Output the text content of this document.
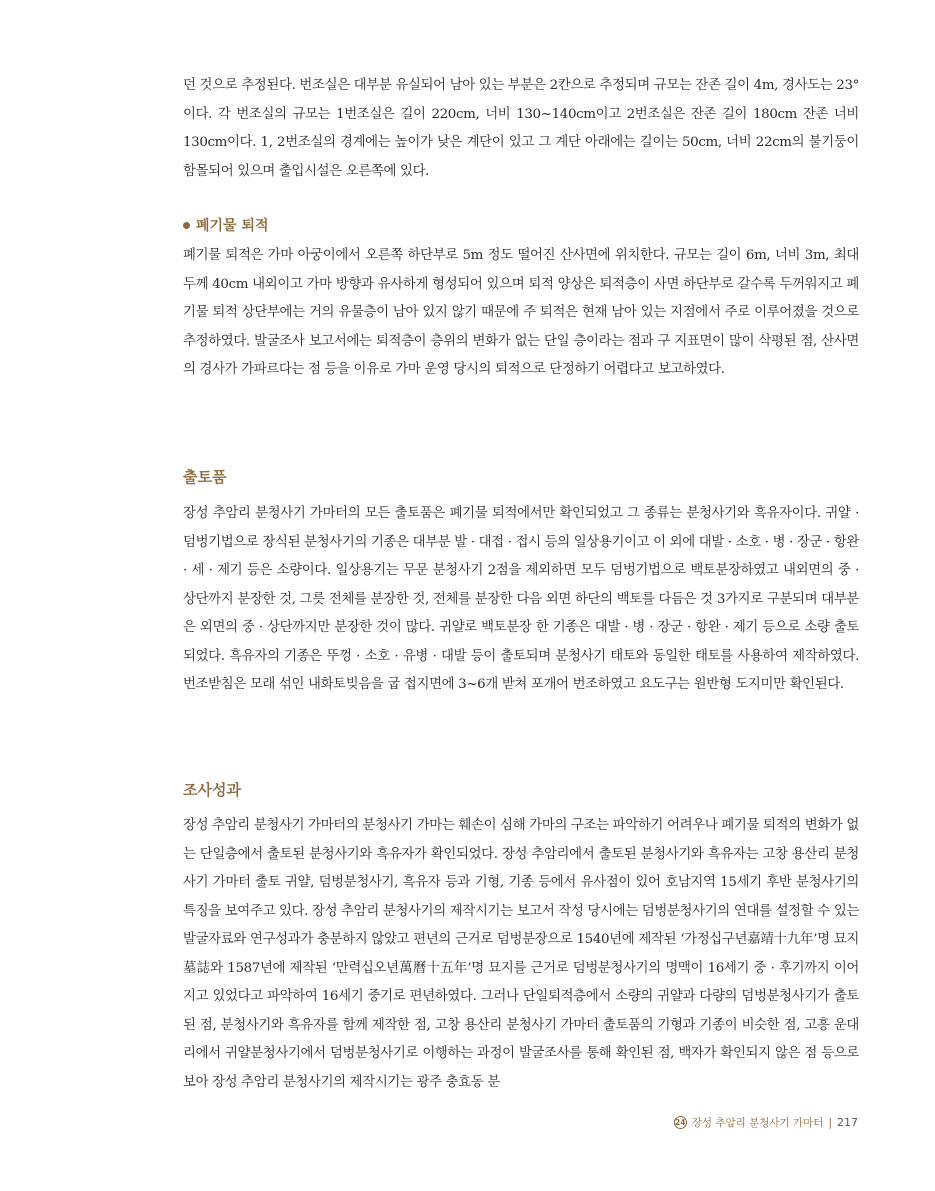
던 것으로 추정된다. 번조실은 대부분 유실되어 남아 있는 부분은 2칸으로 추정되며 규모는 잔존 길이 4m, 경사도는 23°이다. 각 번조실의 규모는 1번조실은 길이 220cm, 너비 130~140cm이고 2번조실은 잔존 길이 180cm 잔존 너비 130cm이다. 1, 2번조실의 경계에는 높이가 낮은 계단이 있고 그 계단 아래에는 길이는 50cm, 너비 22cm의 불기둥이 함몰되어 있으며 출입시설은 오른쪽에 있다.

폐기물 퇴적

폐기물 퇴적은 가마 아궁이에서 오른쪽 하단부로 5m 정도 떨어진 산사면에 위치한다. 규모는 길이 6m, 너비 3m, 최대두께 40cm 내외이고 가마 방향과 유사하게 형성되어 있으며 퇴적 양상은 퇴적층이 사면 하단부로 갈수록 두꺼워지고 폐기물 퇴적 상단부에는 거의 유물층이 남아 있지 않기 때문에 주 퇴적은 현재 남아 있는 지점에서 주로 이루어졌을 것으로 추정하였다. 발굴조사 보고서에는 퇴적층이 층위의 변화가 없는 단일 층이라는 점과 구 지표면이 많이 삭평된 점, 산사면의 경사가 가파르다는 점 등을 이유로 가마 운영 당시의 퇴적으로 단정하기 어렵다고 보고하였다.

출토품

장성 추암리 분청사기 가마터의 모든 출토품은 폐기물 퇴적에서만 확인되었고 그 종류는 분청사기와 흑유자이다. 귀얄 · 덤벙기법으로 장식된 분청사기의 기종은 대부분 발 · 대접 · 접시 등의 일상용기이고 이 외에 대발 · 소호 · 병 · 장군 · 항완 · 세 · 제기 등은 소량이다. 일상용기는 무문 분청사기 2점을 제외하면 모두 덤벙기법으로 백토분장하였고 내외면의 중 · 상단까지 분장한 것, 그릇 전체를 분장한 것, 전체를 분장한 다음 외면 하단의 백토를 다듬은 것 3가지로 구분되며 대부분은 외면의 중 · 상단까지만 분장한 것이 많다. 귀얄로 백토분장 한 기종은 대발 · 병 · 장군 · 항완 · 제기 등으로 소량 출토되었다. 흑유자의 기종은 뚜껑 · 소호 · 유병 · 대발 등이 출토되며 분청사기 태토와 동일한 태토를 사용하여 제작하였다. 번조받침은 모래 섞인 내화토빚음을 굽 접지면에 3~6개 받쳐 포개어 번조하였고 요도구는 원반형 도지미만 확인된다.

조사성과

장성 추암리 분청사기 가마터의 분청사기 가마는 훼손이 심해 가마의 구조는 파악하기 어려우나 폐기물 퇴적의 변화가 없는 단일층에서 출토된 분청사기와 흑유자가 확인되었다. 장성 추암리에서 출토된 분청사기와 흑유자는 고창 용산리 분청사기 가마터 출토 귀얄, 덤벙분청사기, 흑유자 등과 기형, 기종 등에서 유사점이 있어 호남지역 15세기 후반 분청사기의 특징을 보여주고 있다. 장성 추암리 분청사기의 제작시기는 보고서 작성 당시에는 덤벙분청사기의 연대를 설정할 수 있는 발굴자료와 연구성과가 충분하지 않았고 편년의 근거로 덤벙분장으로 1540년에 제작된 ‘가정십구년嘉靖十九年’명 묘지墓誌와 1587년에 제작된 ‘만력십오년萬曆十五年’명 묘지를 근거로 덤벙분청사기의 명맥이 16세기 중 · 후기까지 이어지고 있었다고 파악하여 16세기 중기로 편년하였다. 그러나 단일퇴적층에서 소량의 귀얄과 다량의 덤벙분청사기가 출토된 점, 분청사기와 흑유자를 함께 제작한 점, 고창 용산리 분청사기 가마터 출토품의 기형과 기종이 비슷한 점, 고흥 운대리에서 귀얄분청사기에서 덤벙분청사기로 이행하는 과정이 발굴조사를 통해 확인된 점, 백자가 확인되지 않은 점 등으로 보아 장성 추암리 분청사기의 제작시기는 광주 충효동 분

24 장성 추암리 분청사기 가마터 | 217
